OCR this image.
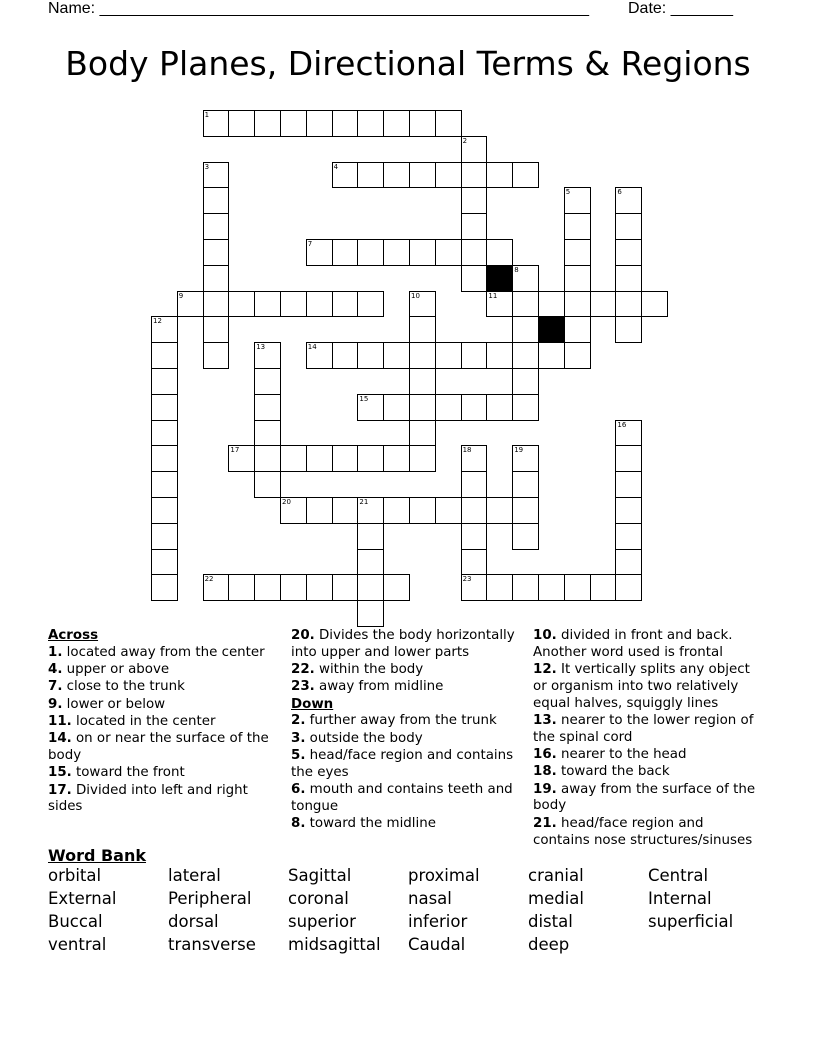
Name: _______________________________________________________ Date: _______
Body Planes, Directional Terms & Regions
1
2
3	4
5	6
7
8
9	10	11
12
13	14
15
16
17	18
23
19
20	21
22
Across
1. located away from the center
4. upper or above
7. close to the trunk
9. lower or below
11. located in the center
14. on or near the surface of the body
15. toward the front
17. Divided into left and right sides
20. Divides the body horizontally into upper and lower parts
22. within the body
23. away from midline
Down
2. further away from the trunk
3. outside the body
5. head/face region and contains the eyes
6. mouth and contains teeth and tongue
8. toward the midline
10. divided in front and back. Another word used is frontal
12. It vertically splits any object or organism into two relatively equal halves, squiggly lines
13. nearer to the lower region of the spinal cord
16. nearer to the head
18. toward the back
19. away from the surface of the body
21. head/face region and contains nose structures/sinuses
Word Bank
orbital	lateral	Sagittal	proximal	cranial	Central
External	Peripheral	coronal	nasal	medial	Internal
Buccal	dorsal	superior	inferior	distal	superficial
ventral	transverse	midsagittal	Caudal	deep
